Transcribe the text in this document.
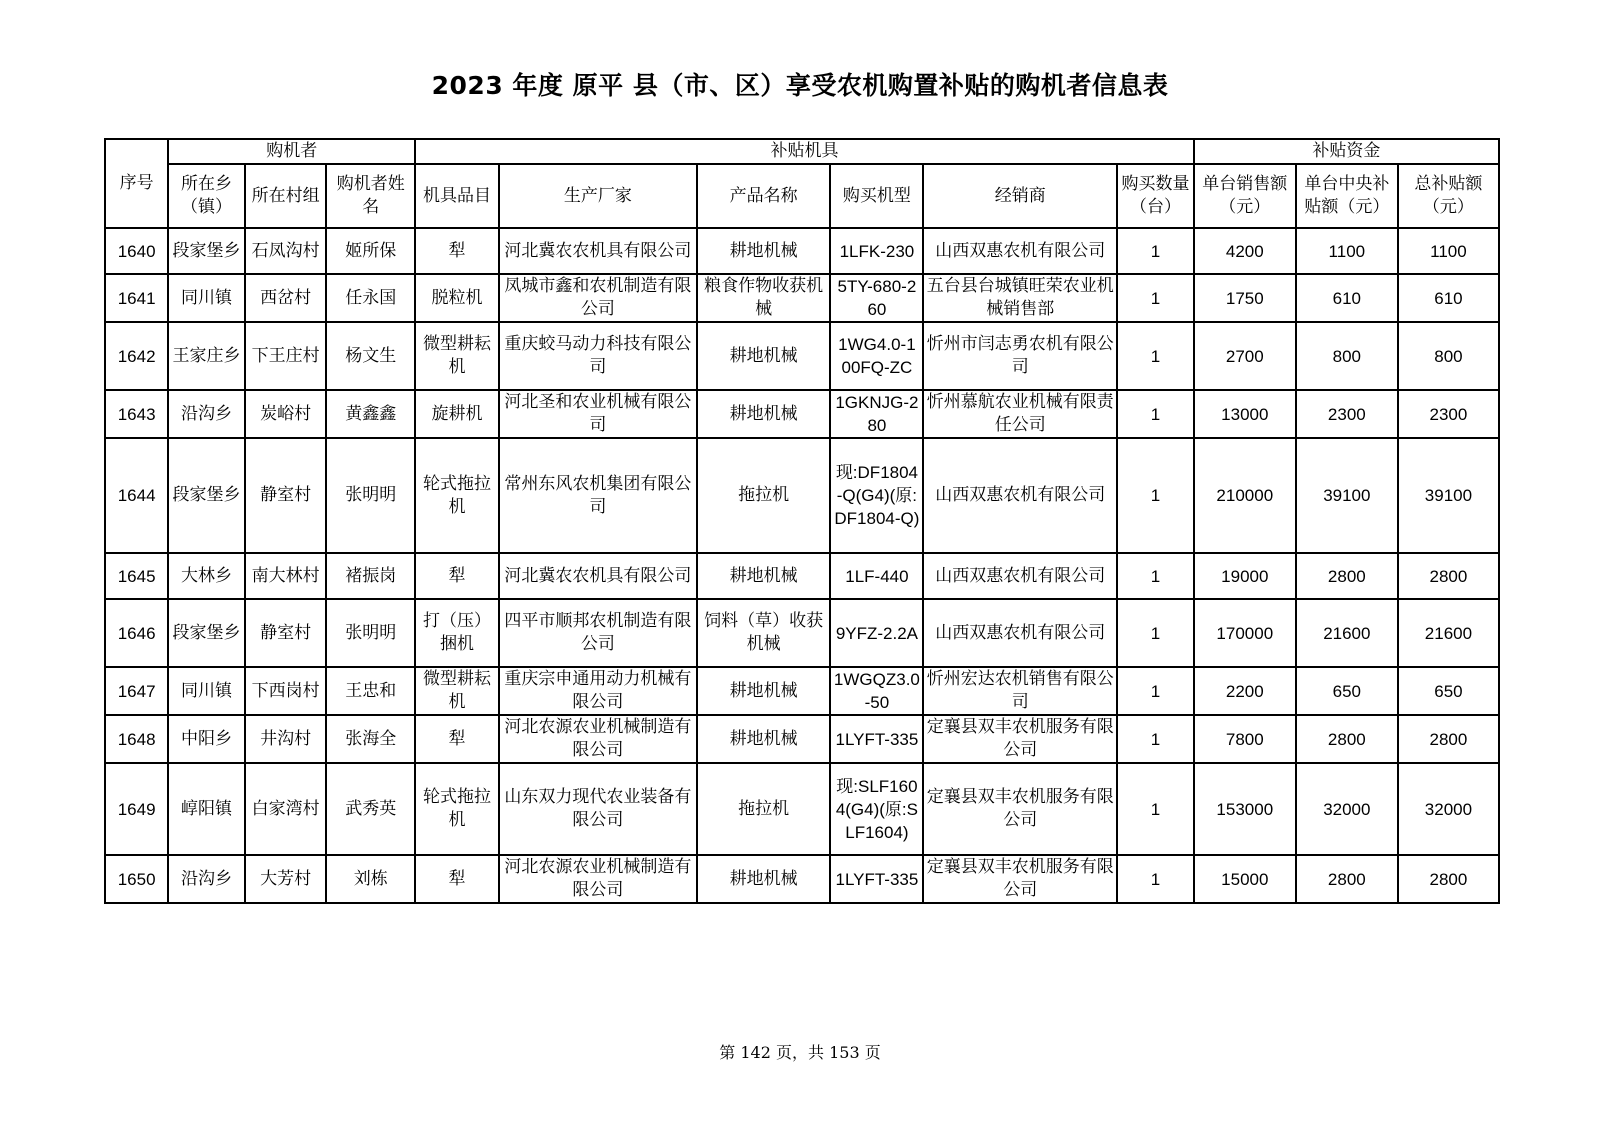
2023 年度 原平 县（市、区）享受农机购置补贴的购机者信息表
序号	购机者			补贴机具						补贴资金		
	所在乡（镇）	所在村组	购机者姓名	机具品目	生产厂家	产品名称	购买机型	经销商	购买数量（台）	单台销售额（元）	单台中央补贴额（元）	总补贴额（元）
1640	段家堡乡	石凤沟村	姬所保	犁	河北冀农农机具有限公司	耕地机械	1LFK-230	山西双惠农机有限公司	1	4200	1100	1100
1641	同川镇	西岔村	任永国	脱粒机	凤城市鑫和农机制造有限公司	粮食作物收获机械	5TY-680-260	五台县台城镇旺荣农业机械销售部	1	1750	610	610
1642	王家庄乡	下王庄村	杨文生	微型耕耘机	重庆蛟马动力科技有限公司	耕地机械	1WG4.0-100FQ-ZC	忻州市闫志勇农机有限公司	1	2700	800	800
1643	沿沟乡	炭峪村	黄鑫鑫	旋耕机	河北圣和农业机械有限公司	耕地机械	1GKNJG-280	忻州慕航农业机械有限责任公司	1	13000	2300	2300
1644	段家堡乡	静室村	张明明	轮式拖拉机	常州东风农机集团有限公司	拖拉机	现:DF1804-Q(G4)(原:DF1804-Q)	山西双惠农机有限公司	1	210000	39100	39100
1645	大林乡	南大林村	褚振岗	犁	河北冀农农机具有限公司	耕地机械	1LF-440	山西双惠农机有限公司	1	19000	2800	2800
1646	段家堡乡	静室村	张明明	打（压）捆机	四平市顺邦农机制造有限公司	饲料（草）收获机械	9YFZ-2.2A	山西双惠农机有限公司	1	170000	21600	21600
1647	同川镇	下西岗村	王忠和	微型耕耘机	重庆宗申通用动力机械有限公司	耕地机械	1WGQZ3.0-50	忻州宏达农机销售有限公司	1	2200	650	650
1648	中阳乡	井沟村	张海全	犁	河北农源农业机械制造有限公司	耕地机械	1LYFT-335	定襄县双丰农机服务有限公司	1	7800	2800	2800
1649	崞阳镇	白家湾村	武秀英	轮式拖拉机	山东双力现代农业装备有限公司	拖拉机	现:SLF1604(G4)(原:SLF1604)	定襄县双丰农机服务有限公司	1	153000	32000	32000
1650	沿沟乡	大芳村	刘栋	犁	河北农源农业机械制造有限公司	耕地机械	1LYFT-335	定襄县双丰农机服务有限公司	1	15000	2800	2800
第 142 页，共 153 页
